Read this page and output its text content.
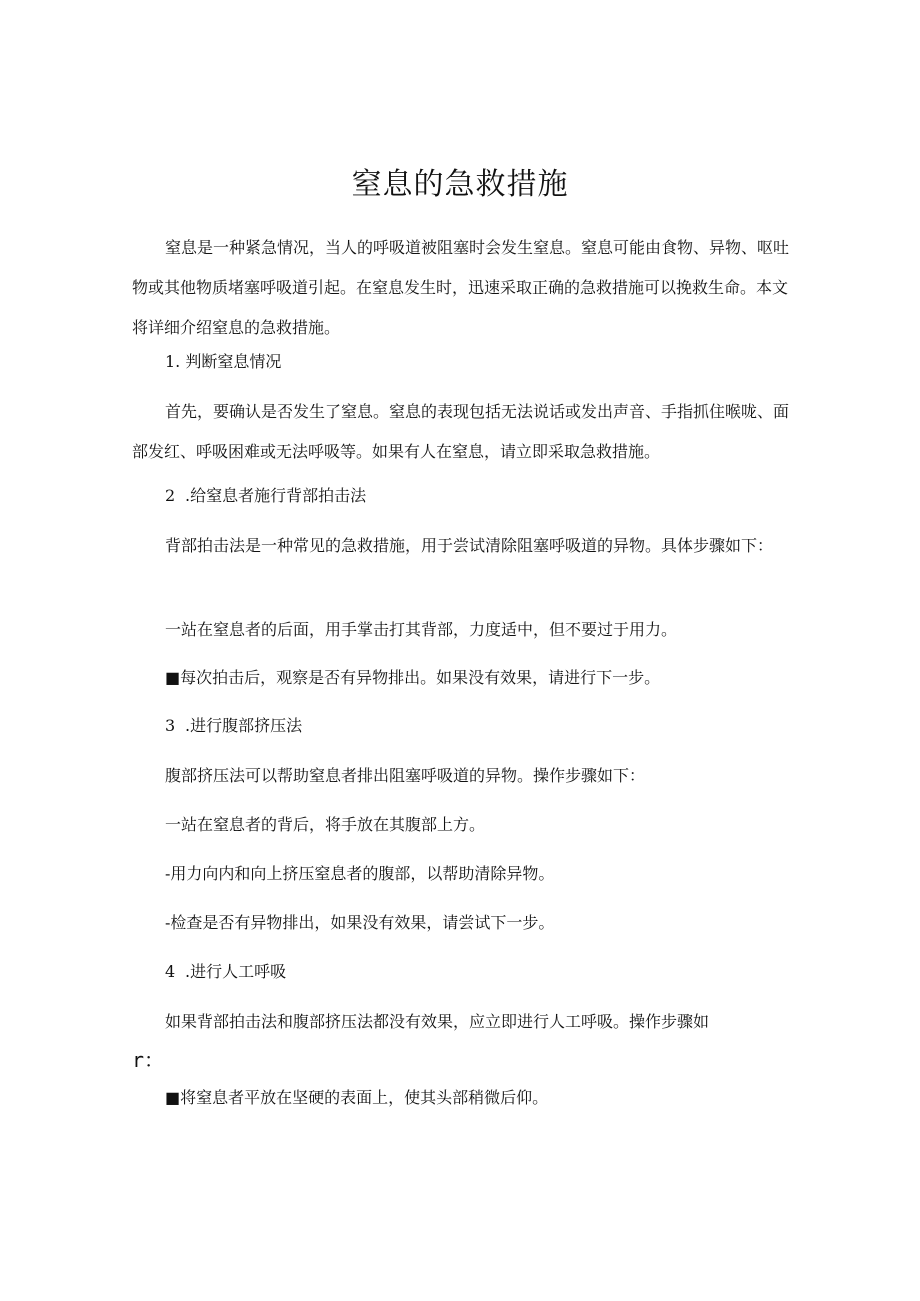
窒息的急救措施

窒息是一种紧急情况，当人的呼吸道被阻塞时会发生窒息。窒息可能由食物、异物、呕吐物或其他物质堵塞呼吸道引起。在窒息发生时，迅速采取正确的急救措施可以挽救生命。本文将详细介绍窒息的急救措施。

1. 判断窒息情况

首先，要确认是否发生了窒息。窒息的表现包括无法说话或发出声音、手指抓住喉咙、面部发红、呼吸困难或无法呼吸等。如果有人在窒息，请立即采取急救措施。

2 .给窒息者施行背部拍击法

背部拍击法是一种常见的急救措施，用于尝试清除阻塞呼吸道的异物。具体步骤如下：

一站在窒息者的后面，用手掌击打其背部，力度适中，但不要过于用力。

■每次拍击后，观察是否有异物排出。如果没有效果，请进行下一步。

3 .进行腹部挤压法

腹部挤压法可以帮助窒息者排出阻塞呼吸道的异物。操作步骤如下：

一站在窒息者的背后，将手放在其腹部上方。

-用力向内和向上挤压窒息者的腹部，以帮助清除异物。

-检查是否有异物排出，如果没有效果，请尝试下一步。

4 .进行人工呼吸

如果背部拍击法和腹部挤压法都没有效果，应立即进行人工呼吸。操作步骤如

r：

■将窒息者平放在坚硬的表面上，使其头部稍微后仰。
